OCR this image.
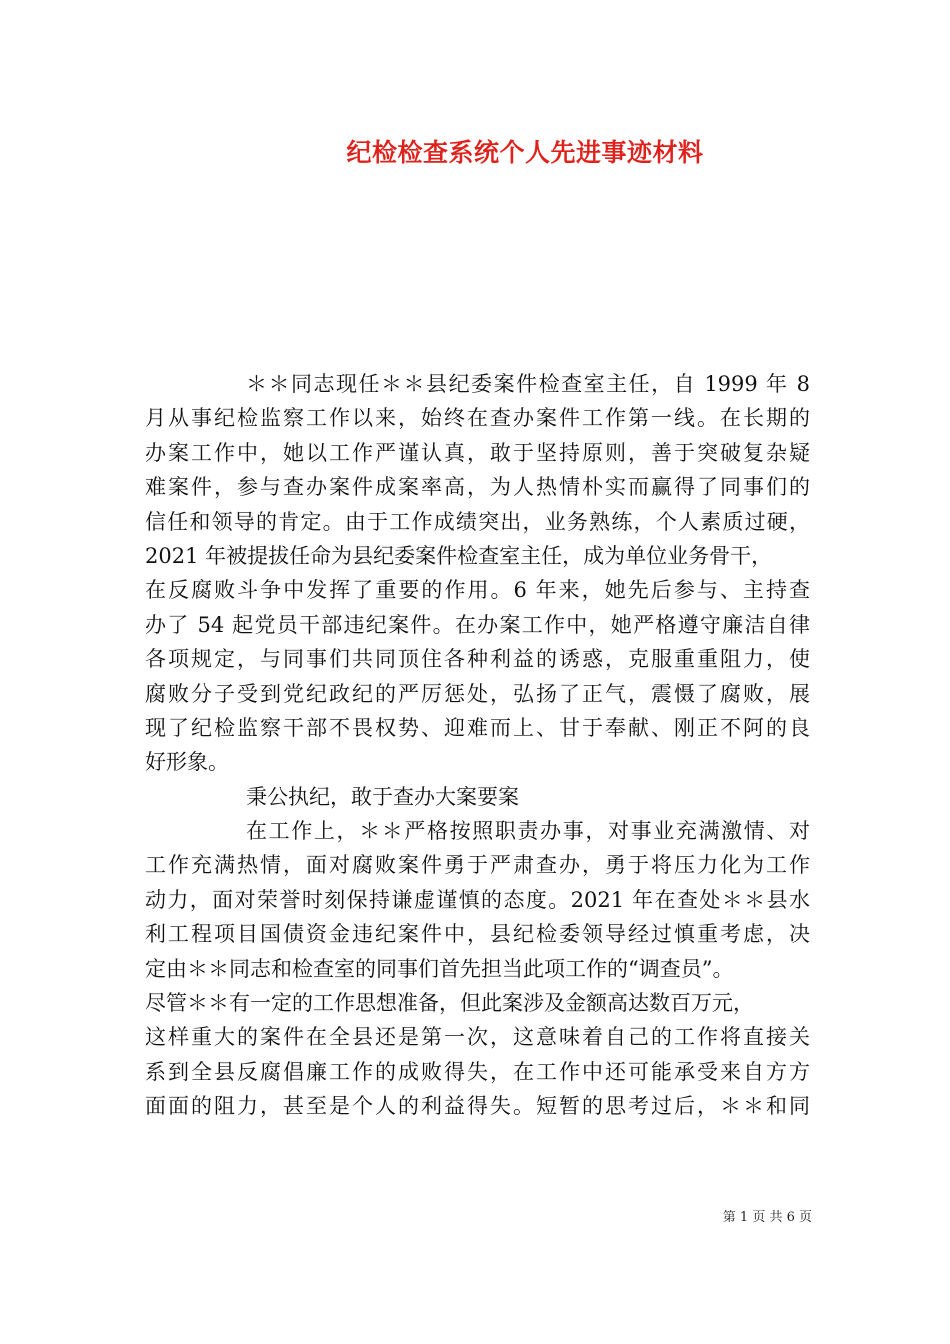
纪检检查系统个人先进事迹材料
＊＊同志现任＊＊县纪委案件检查室主任，自 1999 年 8
月从事纪检监察工作以来，始终在查办案件工作第一线。在长期的
办案工作中，她以工作严谨认真，敢于坚持原则，善于突破复杂疑
难案件，参与查办案件成案率高，为人热情朴实而赢得了同事们的
信任和领导的肯定。由于工作成绩突出，业务熟练，个人素质过硬，
2021 年被提拔任命为县纪委案件检查室主任，成为单位业务骨干，
在反腐败斗争中发挥了重要的作用。6 年来，她先后参与、主持查
办了 54 起党员干部违纪案件。在办案工作中，她严格遵守廉洁自律
各项规定，与同事们共同顶住各种利益的诱惑，克服重重阻力，使
腐败分子受到党纪政纪的严厉惩处，弘扬了正气，震慑了腐败，展
现了纪检监察干部不畏权势、迎难而上、甘于奉献、刚正不阿的良
好形象。
秉公执纪，敢于查办大案要案
在工作上，＊＊严格按照职责办事，对事业充满激情、对
工作充满热情，面对腐败案件勇于严肃查办，勇于将压力化为工作
动力，面对荣誉时刻保持谦虚谨慎的态度。2021 年在查处＊＊县水
利工程项目国债资金违纪案件中，县纪检委领导经过慎重考虑，决
定由＊＊同志和检查室的同事们首先担当此项工作的“调查员”。
尽管＊＊有一定的工作思想准备，但此案涉及金额高达数百万元，
这样重大的案件在全县还是第一次，这意味着自己的工作将直接关
系到全县反腐倡廉工作的成败得失，在工作中还可能承受来自方方
面面的阻力，甚至是个人的利益得失。短暂的思考过后，＊＊和同
第 1 页 共 6 页
